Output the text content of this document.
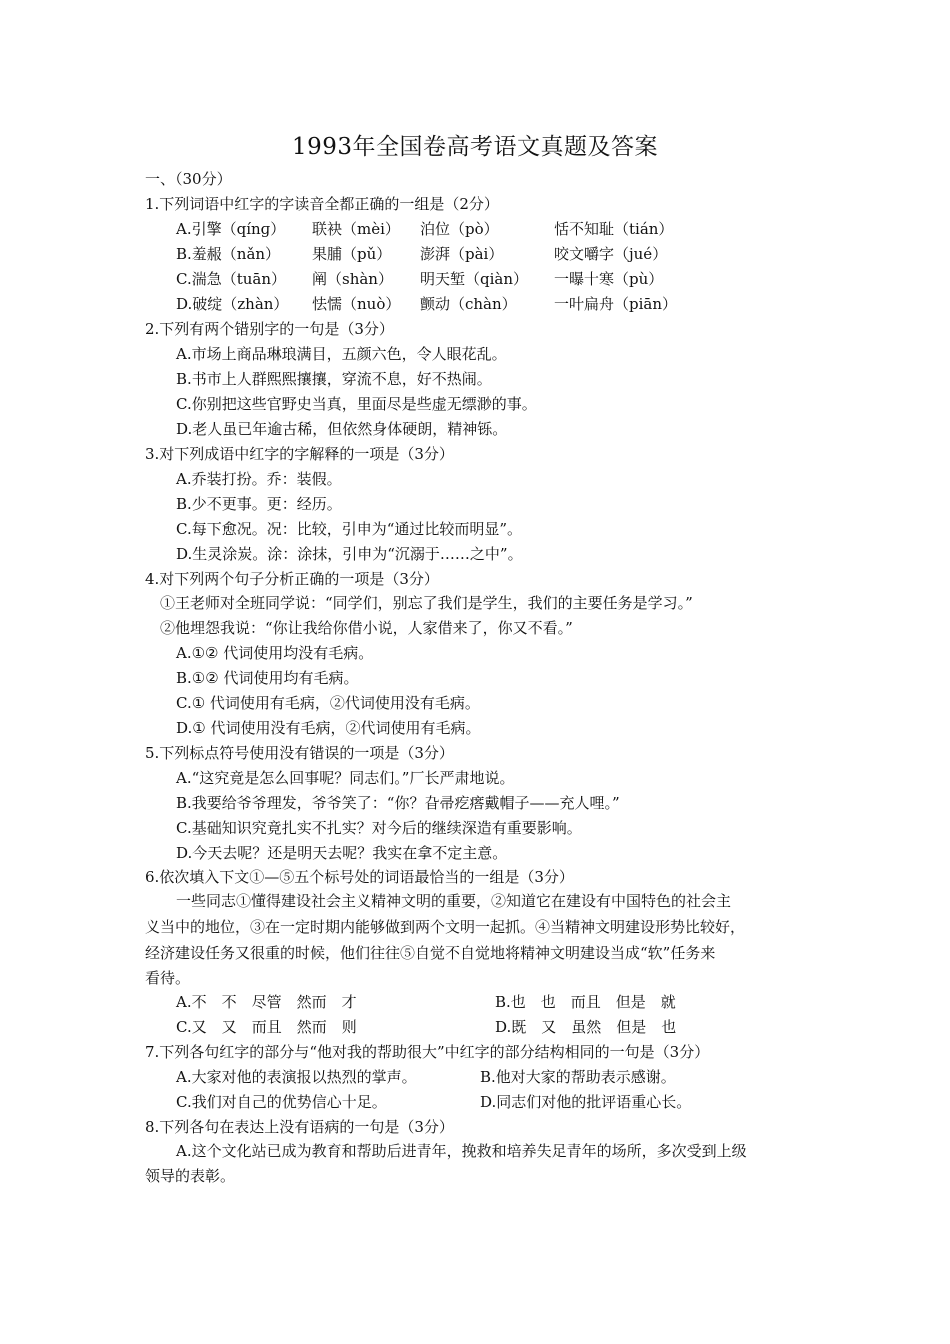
1993年全国卷高考语文真题及答案
一、（30分）
1.下列词语中红字的字读音全都正确的一组是（2分）
A.引擎（qínɡ） 联袂（mèi） 泊位（pò）	恬不知耻（tián）
B.羞赧（nǎn） 果脯（pǔ） 澎湃（pài）	咬文嚼字（jué）
C.湍急（tuān） 阐（shàn） 明天堑（qiàn） 一曝十寒（pù）
D.破绽（zhàn） 怯懦（nuò） 颤动（chàn） 一叶扁舟（piān）
2.下列有两个错别字的一句是（3分）
A.市场上商品琳琅满目，五颜六色，令人眼花乱。
B.书市上人群熙熙攘攘，穿流不息，好不热闹。
C.你别把这些官野史当真，里面尽是些虚无缥渺的事。
D.老人虽已年逾古稀，但依然身体硬朗，精神铄。
3.对下列成语中红字的字解释的一项是（3分）
A.乔装打扮。乔：装假。
B.少不更事。更：经历。
C.每下愈况。况：比较，引申为“通过比较而明显”。
D.生灵涂炭。涂：涂抹，引申为“沉溺于……之中”。
4.对下列两个句子分析正确的一项是（3分）
①王老师对全班同学说：“同学们，别忘了我们是学生，我们的主要任务是学习。”
②他埋怨我说：“你让我给你借小说，人家借来了，你又不看。”
A.①② 代词使用均没有毛病。
B.①② 代词使用均有毛病。
C.① 代词使用有毛病，②代词使用没有毛病。
D.① 代词使用没有毛病，②代词使用有毛病。
5.下列标点符号使用没有错误的一项是（3分）
A.“这究竟是怎么回事呢？同志们。”厂长严肃地说。
B.我要给爷爷理发，爷爷笑了：“你？旮帚疙瘩戴帽子——充人哩。”
C.基础知识究竟扎实不扎实？对今后的继续深造有重要影响。
D.今天去呢？还是明天去呢？我实在拿不定主意。
6.依次填入下文①—⑤五个标号处的词语最恰当的一组是（3分）
一些同志①懂得建设社会主义精神文明的重要，②知道它在建设有中国特色的社会主
义当中的地位，③在一定时期内能够做到两个文明一起抓。④当精神文明建设形势比较好，
经济建设任务又很重的时候，他们往往⑤自觉不自觉地将精神文明建设当成“软”任务来
看待。
A.不　不　尽管　然而　才	B.也　也　而且　但是　就
C.又　又　而且　然而　则	D.既　又　虽然　但是　也
7.下列各句红字的部分与“他对我的帮助很大”中红字的部分结构相同的一句是（3分）
A.大家对他的表演报以热烈的掌声。	B.他对大家的帮助表示感谢。
C.我们对自己的优势信心十足。	D.同志们对他的批评语重心长。
8.下列各句在表达上没有语病的一句是（3分）
A.这个文化站已成为教育和帮助后进青年，挽救和培养失足青年的场所，多次受到上级
领导的表彰。
